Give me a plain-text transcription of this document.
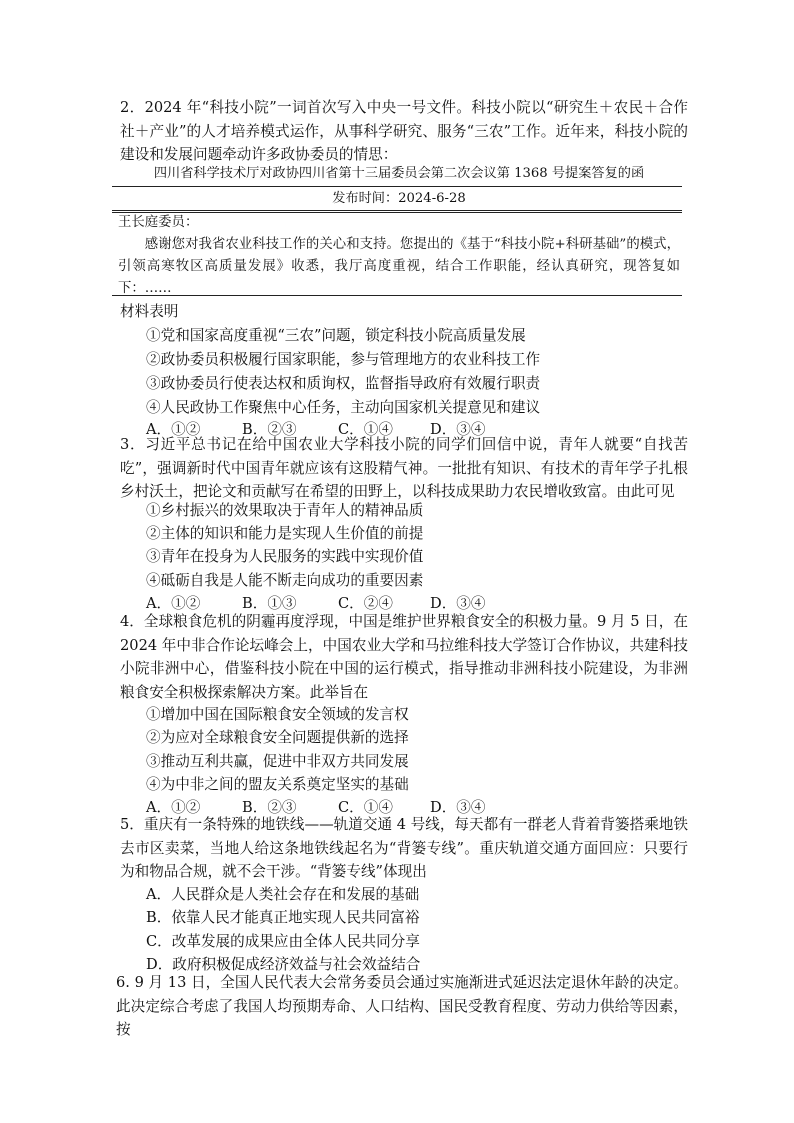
2．2024 年“科技小院”一词首次写入中央一号文件。科技小院以“研究生＋农民＋合作社＋产业”的人才培养模式运作，从事科学研究、服务“三农”工作。近年来，科技小院的建设和发展问题牵动许多政协委员的情思：

四川省科学技术厅对政协四川省第十三届委员会第二次会议第 1368 号提案答复的函
发布时间：2024-6-28
王长庭委员：
感谢您对我省农业科技工作的关心和支持。您提出的《基于“科技小院+科研基础”的模式，引领高寒牧区高质量发展》收悉，我厅高度重视，结合工作职能，经认真研究，现答复如下：……
材料表明
①党和国家高度重视“三农”问题，锁定科技小院高质量发展
②政协委员积极履行国家职能，参与管理地方的农业科技工作
③政协委员行使表达权和质询权，监督指导政府有效履行职责
④人民政协工作聚焦中心任务，主动向国家机关提意见和建议
A．①②	B．②③	C．①④	D．③④

3．习近平总书记在给中国农业大学科技小院的同学们回信中说，青年人就要“自找苦吃”，强调新时代中国青年就应该有这股精气神。一批批有知识、有技术的青年学子扎根乡村沃土，把论文和贡献写在希望的田野上，以科技成果助力农民增收致富。由此可见

①乡村振兴的效果取决于青年人的精神品质
②主体的知识和能力是实现人生价值的前提
③青年在投身为人民服务的实践中实现价值
④砥砺自我是人能不断走向成功的重要因素
A．①②	B．①③	C．②④	D．③④

4．全球粮食危机的阴霾再度浮现，中国是维护世界粮食安全的积极力量。9 月 5 日，在 2024 年中非合作论坛峰会上，中国农业大学和马拉维科技大学签订合作协议，共建科技小院非洲中心，借鉴科技小院在中国的运行模式，指导推动非洲科技小院建设，为非洲粮食安全积极探索解决方案。此举旨在

①增加中国在国际粮食安全领域的发言权
②为应对全球粮食安全问题提供新的选择
③推动互利共赢，促进中非双方共同发展
④为中非之间的盟友关系奠定坚实的基础
A．①②	B．②③	C．①④	D．③④

5．重庆有一条特殊的地铁线——轨道交通 4 号线，每天都有一群老人背着背篓搭乘地铁去市区卖菜，当地人给这条地铁线起名为“背篓专线”。重庆轨道交通方面回应：只要行为和物品合规，就不会干涉。“背篓专线”体现出

A．人民群众是人类社会存在和发展的基础
B．依靠人民才能真正地实现人民共同富裕
C．改革发展的成果应由全体人民共同分享
D．政府积极促成经济效益与社会效益结合

6. 9 月 13 日，全国人民代表大会常务委员会通过实施渐进式延迟法定退休年龄的决定。此决定综合考虑了我国人均预期寿命、人口结构、国民受教育程度、劳动力供给等因素，按
